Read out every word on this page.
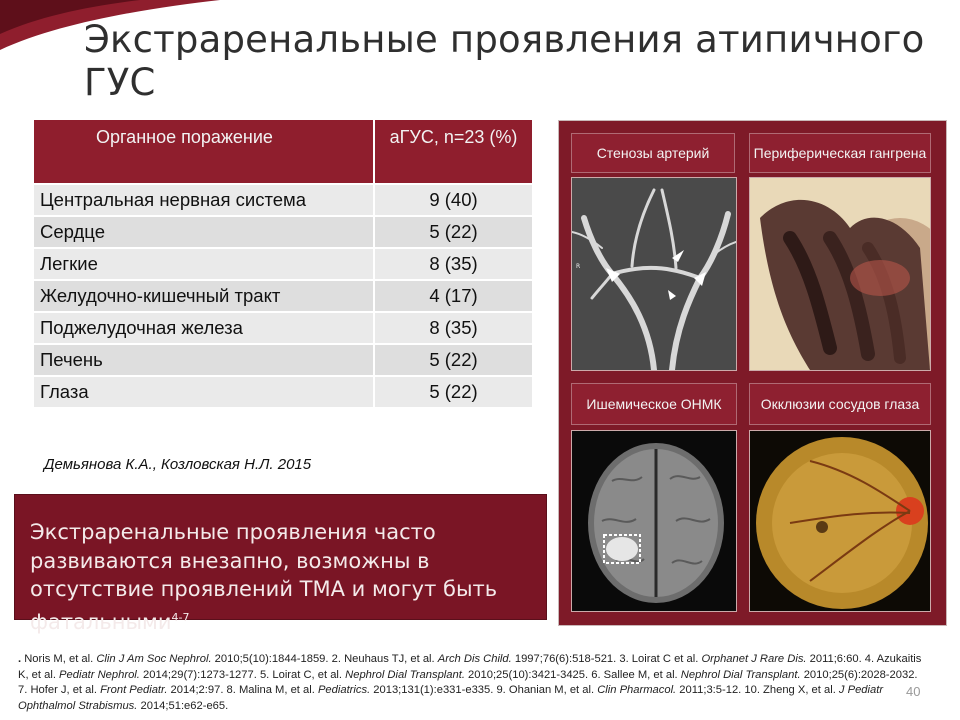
Экстраренальные проявления атипичного ГУС
Органное поражение	аГУС, n=23 (%)
Центральная нервная система	9 (40)
Сердце	5 (22)
Легкие	8 (35)
Желудочно-кишечный тракт	4 (17)
Поджелудочная железа	8 (35)
Печень	5 (22)
Глаза	5 (22)
Демьянова К.А., Козловская Н.Л. 2015
Экстраренальные проявления часто развиваются внезапно, возможны в отсутствие проявлений ТМА и могут быть фатальными$^{4-7}$
Стенозы артерий	Периферическая гангрена
R
Ишемическое ОНМК	Окклюзии сосудов глаза
. Noris M, et al. Clin J Am Soc Nephrol. 2010;5(10):1844-1859. 2. Neuhaus TJ, et al. Arch Dis Child. 1997;76(6):518-521. 3. Loirat C et al. Orphanet J Rare Dis. 2011;6:60. 4. Azukaitis K, et al. Pediatr Nephrol. 2014;29(7):1273-1277. 5. Loirat C, et al. Nephrol Dial Transplant. 2010;25(10):3421-3425. 6. Sallee M, et al. Nephrol Dial Transplant. 2010;25(6):2028-2032. 7. Hofer J, et al. Front Pediatr. 2014;2:97. 8. Malina M, et al. Pediatrics. 2013;131(1):e331-e335. 9. Ohanian M, et al. Clin Pharmacol. 2011;3:5-12. 10. Zheng X, et al. J Pediatr Ophthalmol Strabismus. 2014;51:e62-e65.
40
